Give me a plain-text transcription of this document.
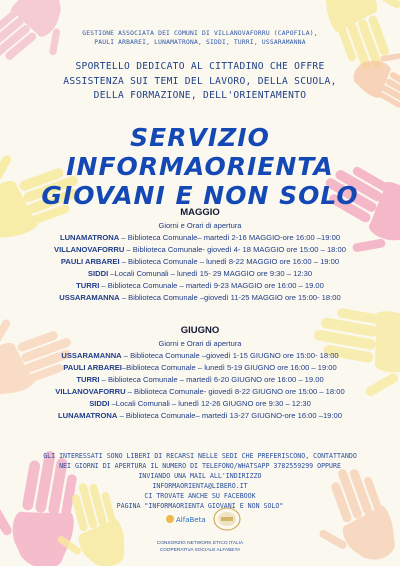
GESTIONE ASSOCIATA DEI COMUNI DI VILLANOVAFORRU (CAPOFILA),
PAULI ARBAREI, LUNAMATRONA, SIDDI, TURRI, USSARAMANNA
SPORTELLO DEDICATO AL CITTADINO CHE OFFRE
ASSISTENZA SUI TEMI DEL LAVORO, DELLA SCUOLA,
DELLA FORMAZIONE, DELL'ORIENTAMENTO
SERVIZIO INFORMAORIENTA
GIOVANI E NON SOLO
MAGGIO
Giorni e Orari di apertura
LUNAMATRONA – Biblioteca Comunale– martedì 2-16 MAGGIO-ore 16:00 –19:00
VILLANOVAFORRU – Biblioteca Comunale- giovedì 4- 18 MAGGIO ore 15:00 – 18:00
PAULI ARBAREI – Biblioteca Comunale – lunedì 8-22 MAGGIO ore 16:00 – 19:00
SIDDI –Locali Comunali – lunedì 15- 29 MAGGIO ore 9:30 – 12:30
TURRI – Biblioteca Comunale – martedì 9-23 MAGGIO ore 16:00 – 19.00
USSARAMANNA – Biblioteca Comunale –giovedì 11-25 MAGGIO ore 15:00- 18:00
GIUGNO
Giorni e Orari di apertura
USSARAMANNA – Biblioteca Comunale –giovedì 1-15 GIUGNO ore 15:00- 18:00
PAULI ARBAREI–Biblioteca Comunale – lunedì 5-19 GIUGNO ore 16:00 – 19:00
TURRI – Biblioteca Comunale – martedì 6-20 GIUGNO ore 16:00 – 19.00
VILLANOVAFORRU – Biblioteca Comunale- giovedì 8-22 GIUGNO ore 15:00 – 18:00
SIDDI –Locali Comunali – lunedì 12-26 GIUGNO ore 9:30 – 12:30
LUNAMATRONA – Biblioteca Comunale– martedì 13-27 GIUGNO-ore 16:00 –19:00
GLI INTERESSATI SONO LIBERI DI RECARSI NELLE SEDI CHE PREFERISCONO, CONTATTANDO
NEI GIORNI DI APERTURA IL NUMERO DI TELEFONO/WHATSAPP 3782559299 OPPURE
INVIANDO UNA MAIL ALL'INDIRIZZO
INFORMAORIENTA@LIBERO.IT
CI TROVATE ANCHE SU FACEBOOK
PAGINA "INFORMAORIENTA GIOVANI E NON SOLO"
AlfaBeta
CONSORZIO NETWORK ETICO ITALIA
COOPERATIVA SOCIALE ALFABETA
